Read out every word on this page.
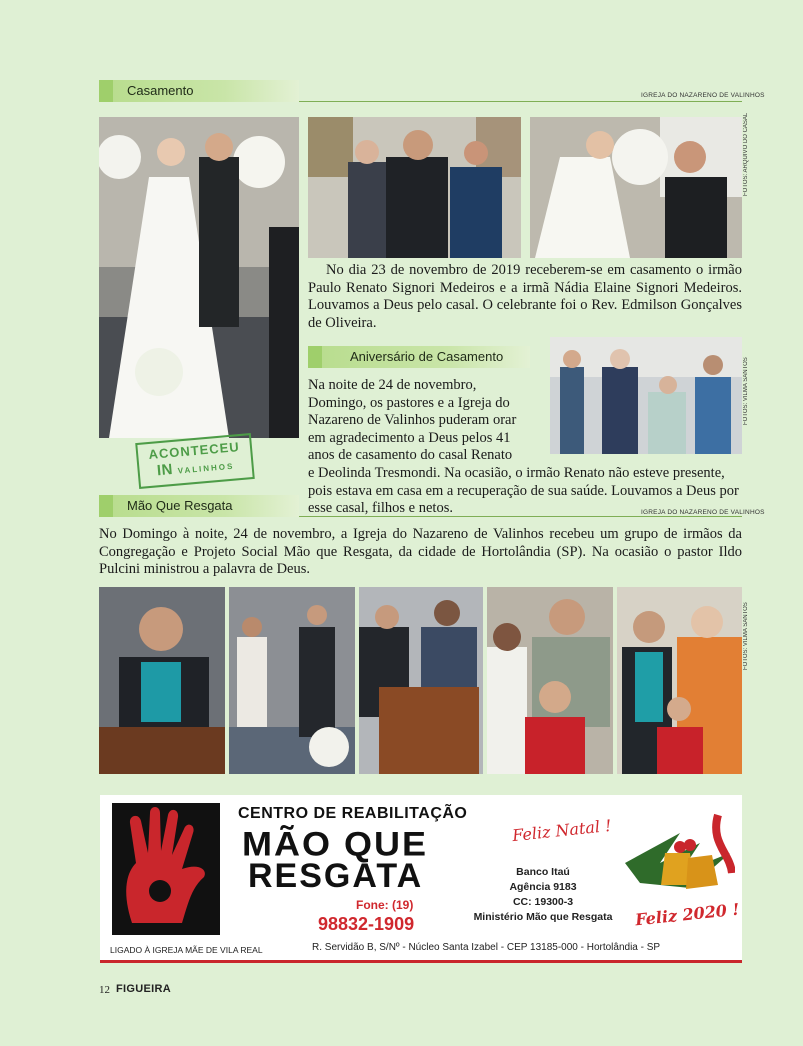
Casamento	IGREJA DO NAZARENO DE VALINHOS
FOTOS: ARQUIVO DO CASAL

No dia 23 de novembro de 2019 receberem-se em casamento o irmão Paulo Renato Signori Medeiros e a irmã Nádia Elaine Signori Medeiros. Louvamos a Deus pelo casal. O celebrante foi o Rev. Edmilson Gonçalves de Oliveira.

Aniversário de Casamento
FOTOS: VILMA SANTOS

Na noite de 24 de novembro, Domingo, os pastores e a Igreja do Nazareno de Valinhos puderam orar em agradecimento a Deus pelos 41 anos de casamento do casal Renato e Deolinda Tresmondi. Na ocasião, o irmão Renato não esteve presente, pois estava em casa em a recuperação de sua saúde. Louvamos a Deus por esse casal, filhos e netos.

ACONTECEU
IN VALINHOS
Mão Que Resgata	IGREJA DO NAZARENO DE VALINHOS

No Domingo à noite, 24 de novembro, a Igreja do Nazareno de Valinhos recebeu um grupo de irmãos da Congregação e Projeto Social Mão que Resgata, da cidade de Hortolândia (SP). Na ocasião o pastor Ildo Pulcini ministrou a palavra de Deus.

FOTOS: VILMA SANTOS
CENTRO DE REABILITAÇÃO
MÃO QUE
RESGATA
Fone: (19)
98832-1909
Feliz Natal !
Banco Itaú
Agência 9183
CC: 19300-3
Ministério Mão que Resgata	Feliz 2020 !
LIGADO À IGREJA MÃE DE VILA REAL	R. Servidão B, S/Nº - Núcleo Santa Izabel - CEP 13185-000 - Hortolândia - SP
12 FIGUEIRA
